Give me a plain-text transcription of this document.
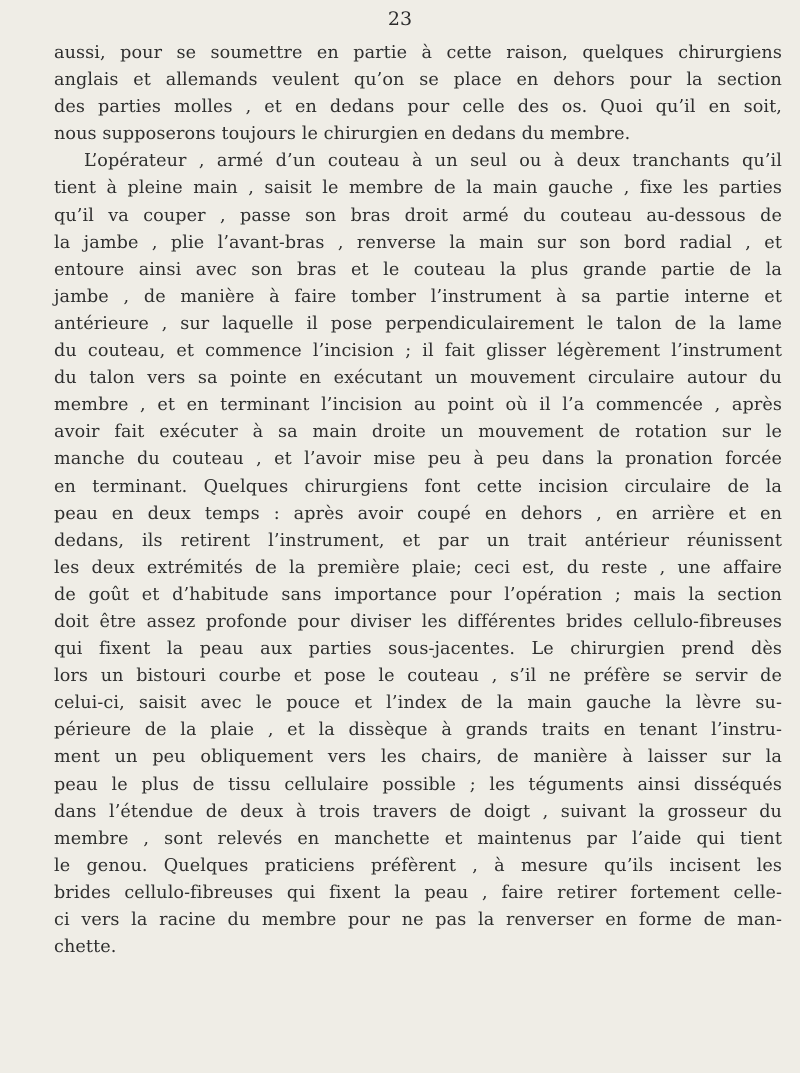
23
aussi, pour se soumettre en partie à cette raison, quelques chirurgiens
anglais et allemands veulent qu’on se place en dehors pour la section
des parties molles , et en dedans pour celle des os. Quoi qu’il en soit,
nous supposerons toujours le chirurgien en dedans du membre.
L’opérateur , armé d’un couteau à un seul ou à deux tranchants qu’il
tient à pleine main , saisit le membre de la main gauche , fixe les parties
qu’il va couper , passe son bras droit armé du couteau au-dessous de
la jambe , plie l’avant-bras , renverse la main sur son bord radial , et
entoure ainsi avec son bras et le couteau la plus grande partie de la
jambe , de manière à faire tomber l’instrument à sa partie interne et
antérieure , sur laquelle il pose perpendiculairement le talon de la lame
du couteau, et commence l’incision ; il fait glisser légèrement l’instrument
du talon vers sa pointe en exécutant un mouvement circulaire autour du
membre , et en terminant l’incision au point où il l’a commencée , après
avoir fait exécuter à sa main droite un mouvement de rotation sur le
manche du couteau , et l’avoir mise peu à peu dans la pronation forcée
en terminant. Quelques chirurgiens font cette incision circulaire de la
peau en deux temps : après avoir coupé en dehors , en arrière et en
dedans, ils retirent l’instrument, et par un trait antérieur réunissent
les deux extrémités de la première plaie; ceci est, du reste , une affaire
de goût et d’habitude sans importance pour l’opération ; mais la section
doit être assez profonde pour diviser les différentes brides cellulo-fibreuses
qui fixent la peau aux parties sous-jacentes. Le chirurgien prend dès
lors un bistouri courbe et pose le couteau , s’il ne préfère se servir de
celui-ci, saisit avec le pouce et l’index de la main gauche la lèvre su-
périeure de la plaie , et la dissèque à grands traits en tenant l’instru-
ment un peu obliquement vers les chairs, de manière à laisser sur la
peau le plus de tissu cellulaire possible ; les téguments ainsi disséqués
dans l’étendue de deux à trois travers de doigt , suivant la grosseur du
membre , sont relevés en manchette et maintenus par l’aide qui tient
le genou. Quelques praticiens préfèrent , à mesure qu’ils incisent les
brides cellulo-fibreuses qui fixent la peau , faire retirer fortement celle-
ci vers la racine du membre pour ne pas la renverser en forme de man-
chette.
